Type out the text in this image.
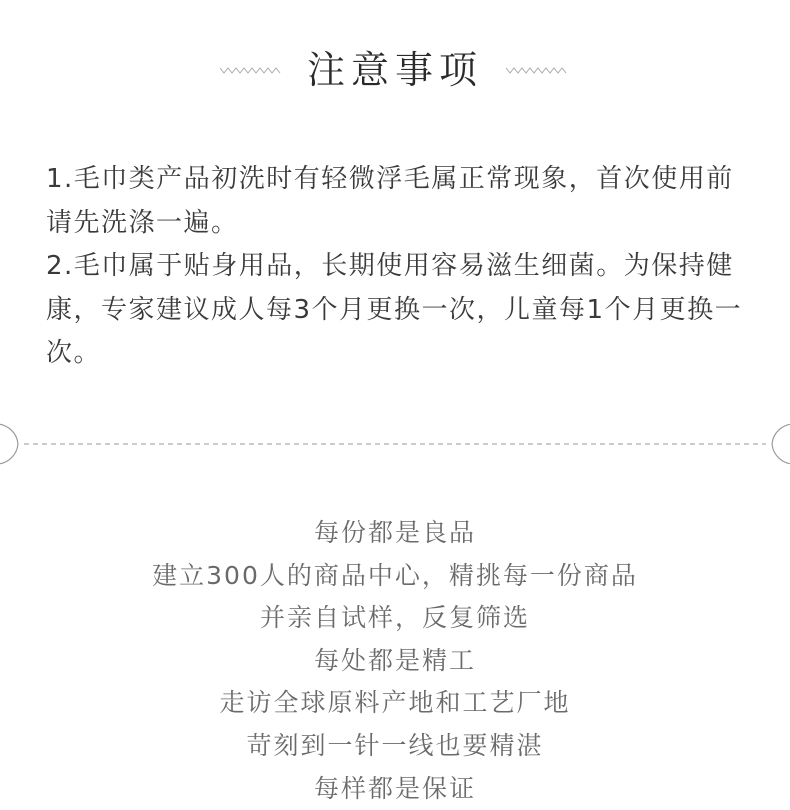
注意事项

1.毛巾类产品初洗时有轻微浮毛属正常现象，首次使用前请先洗涤一遍。

2.毛巾属于贴身用品，长期使用容易滋生细菌。为保持健康，专家建议成人每3个月更换一次，儿童每1个月更换一次。

每份都是良品
建立300人的商品中心，精挑每一份商品
并亲自试样，反复筛选
每处都是精工
走访全球原料产地和工艺厂地
苛刻到一针一线也要精湛
每样都是保证
